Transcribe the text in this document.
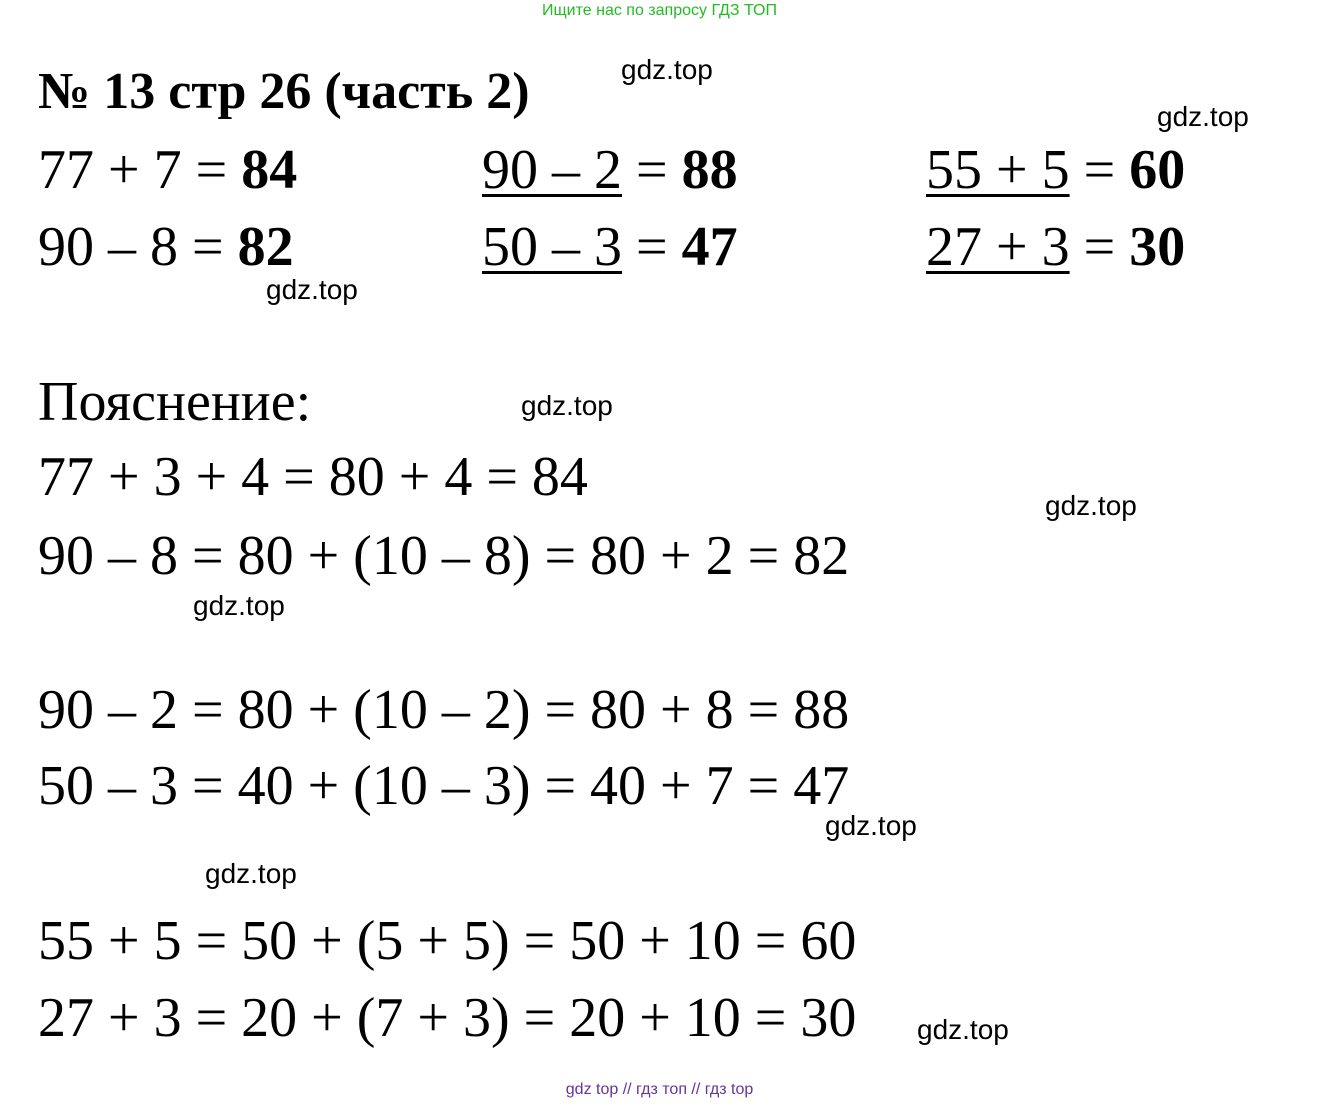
Ищите нас по запросу ГДЗ ТОП
№ 13 стр 26 (часть 2)
77 + 7 = 84
90 – 8 = 82
90 – 2 = 88
50 – 3 = 47
55 + 5 = 60
27 + 3 = 30
Пояснение:
77 + 3 + 4 = 80 + 4 = 84
90 – 8 = 80 + (10 – 8) = 80 + 2 = 82
90 – 2 = 80 + (10 – 2) = 80 + 8 = 88
50 – 3 = 40 + (10 – 3) = 40 + 7 = 47
55 + 5 = 50 + (5 + 5) = 50 + 10 = 60
27 + 3 = 20 + (7 + 3) = 20 + 10 = 30
gdz.top
gdz.top
gdz.top
gdz.top
gdz.top
gdz.top
gdz.top
gdz.top
gdz.top
gdz top // гдз топ // гдз top
